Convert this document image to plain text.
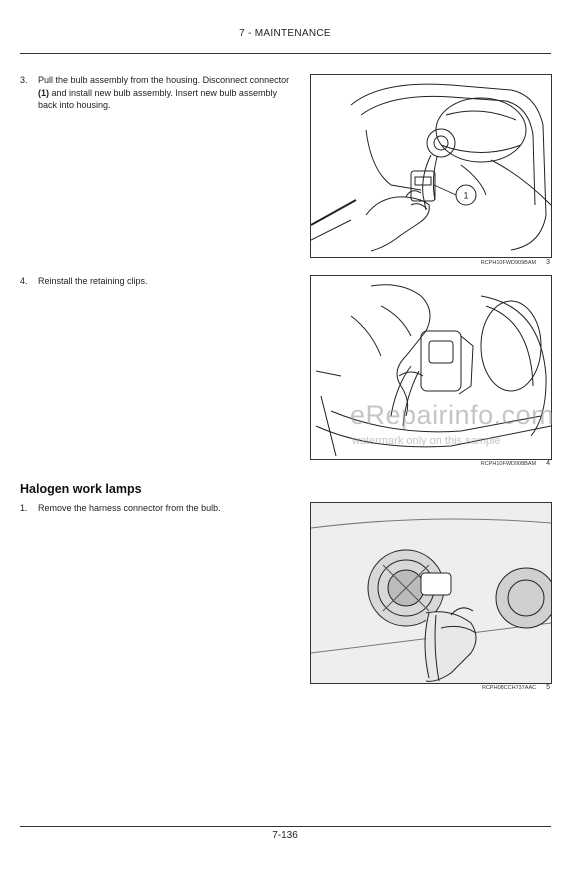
7 - MAINTENANCE
3.	Pull the bulb assembly from the housing. Disconnect connector (1) and install new bulb assembly. Insert new bulb assembly back into housing.
1
RCPH10FWD909BAM 3
4.	Reinstall the retaining clips.
RCPH10FWD908BAM 4
eRepairinfo.com
watermark only on this sample
Halogen work lamps
1.	Remove the harness connector from the bulb.
RCPH08CCH737AAC 5
7-136
